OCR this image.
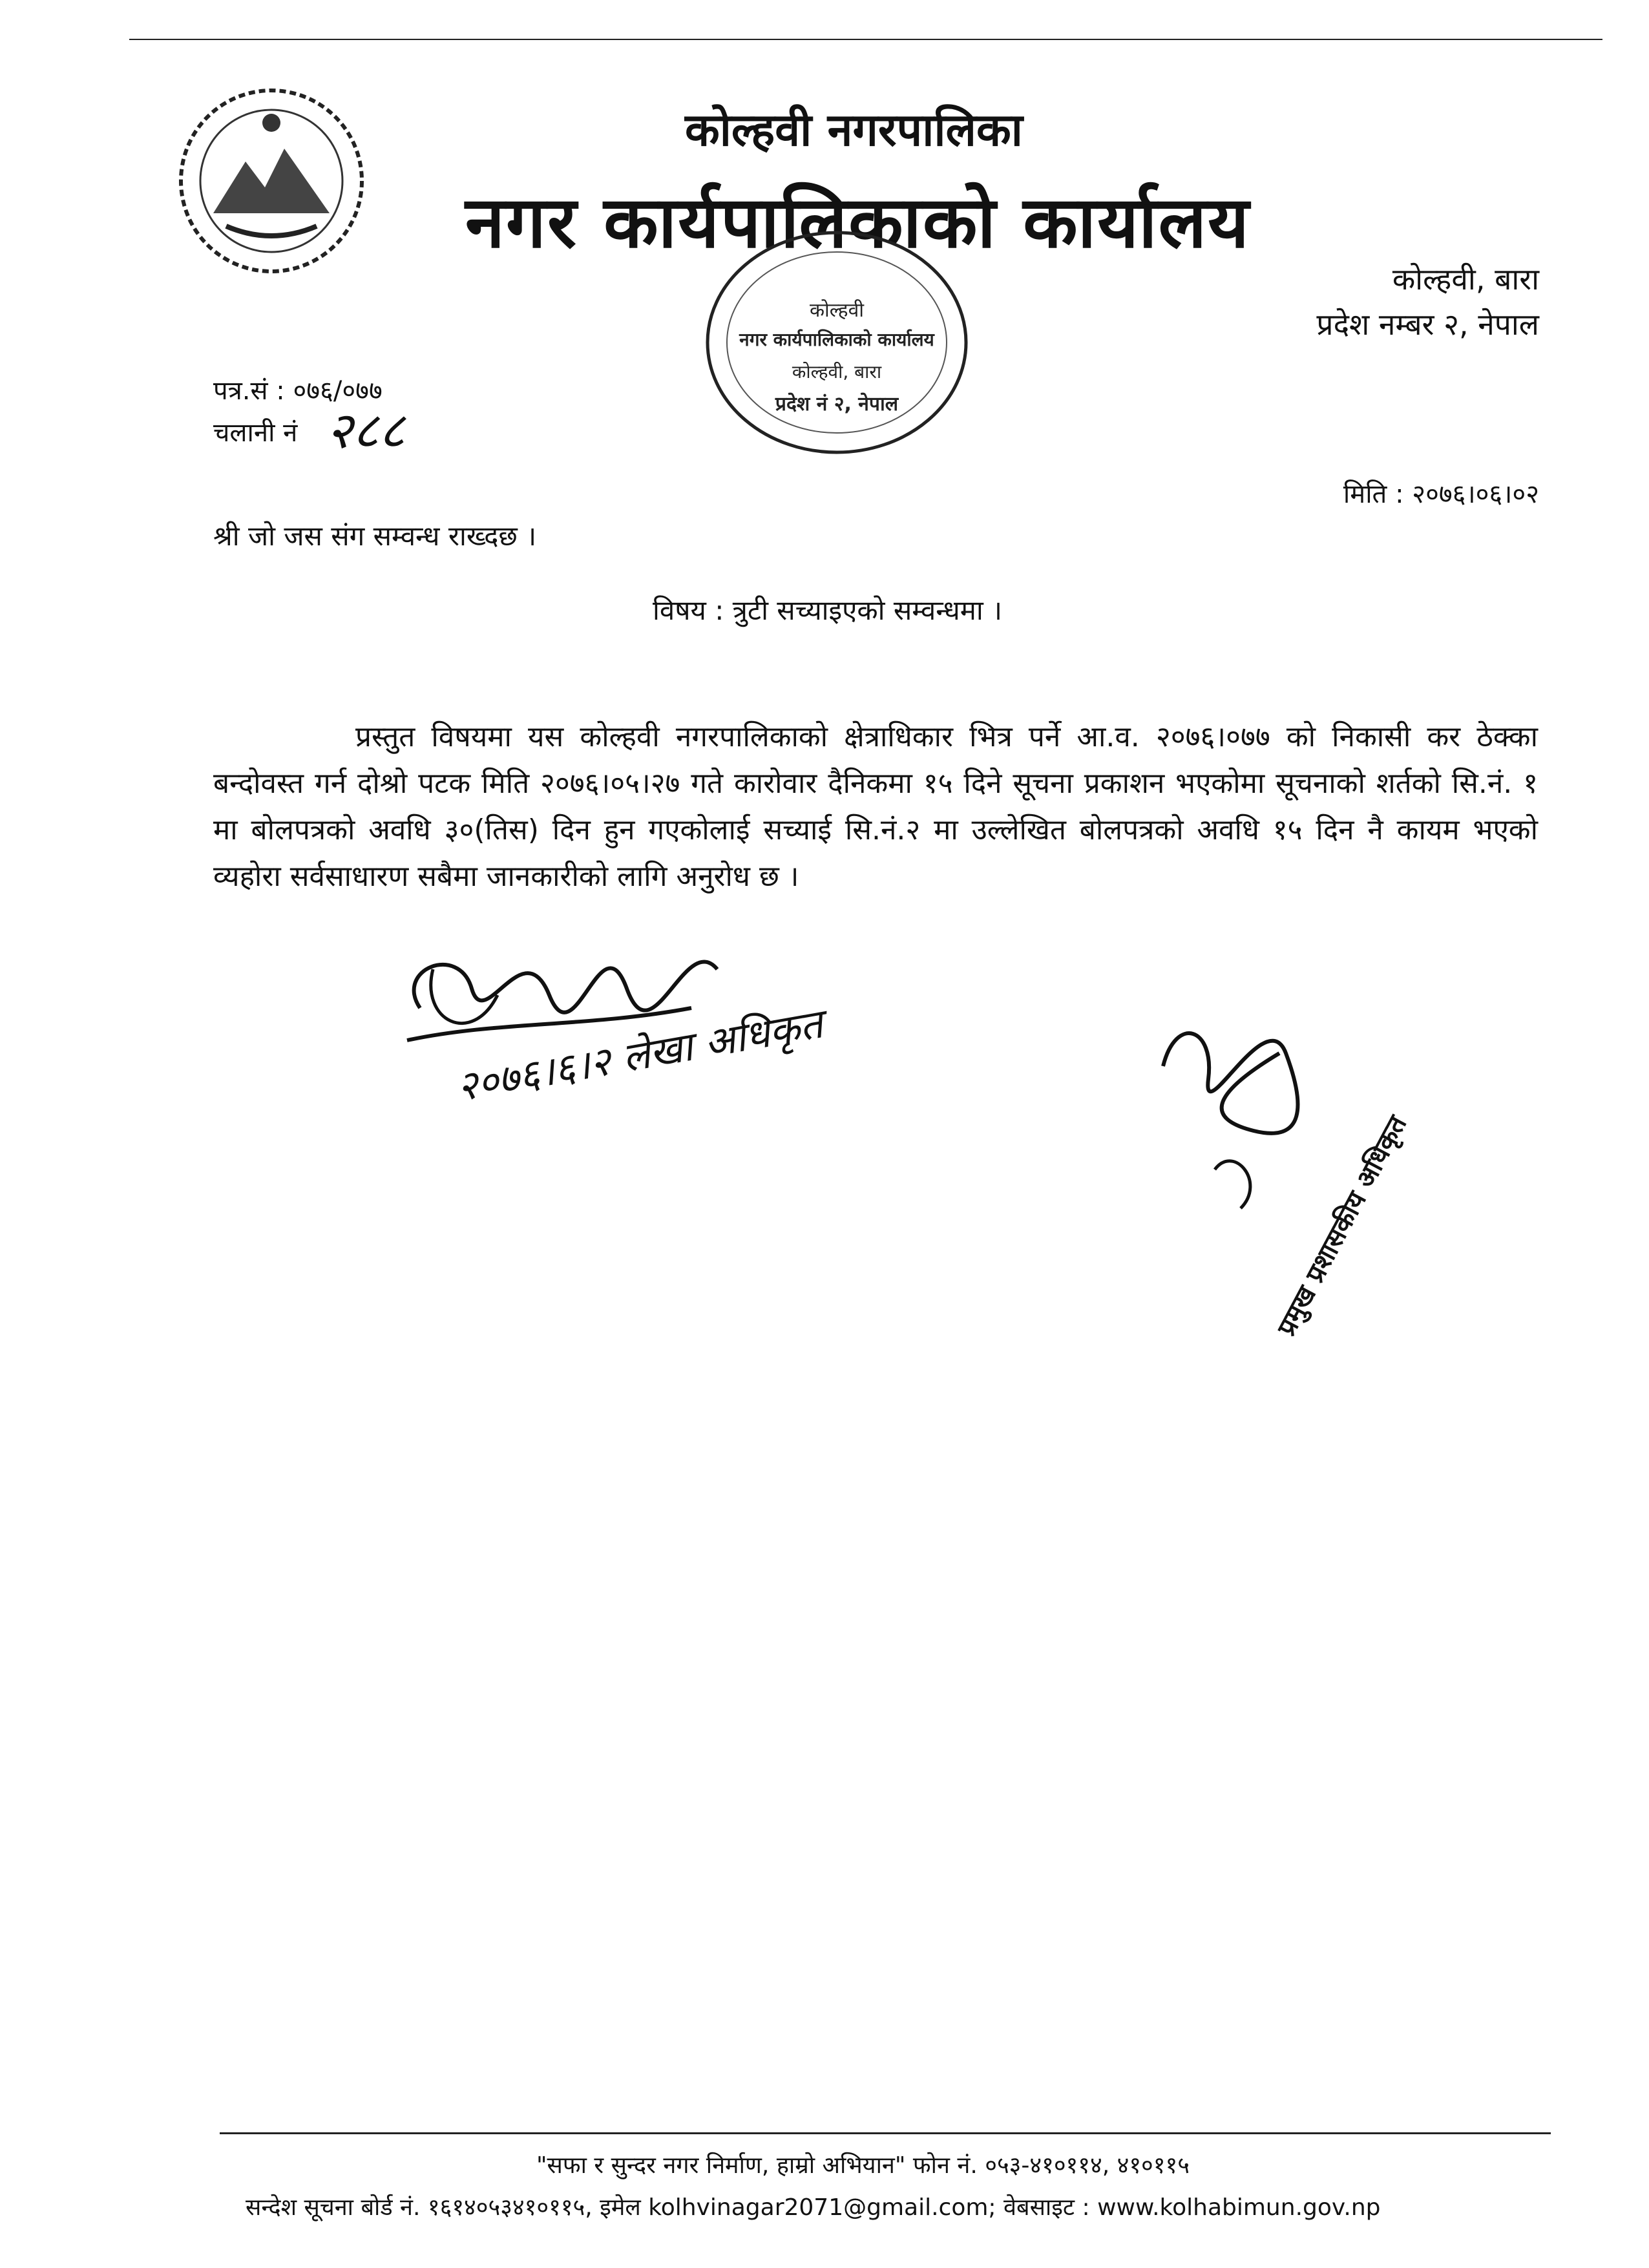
कोल्हवी नगरपालिका
नगर कार्यपालिकाको कार्यालय
कोल्हवी, बारा
प्रदेश नम्बर २, नेपाल
कोल्हवी
नगर कार्यपालिकाको कार्यालय
कोल्हवी, बारा
प्रदेश नं २, नेपाल
पत्र.सं : ०७६/०७७
चलानी नं २८८
मिति : २०७६।०६।०२
श्री जो जस संग सम्वन्ध राख्दछ ।
विषय : त्रुटी सच्याइएको सम्वन्धमा ।
प्रस्तुत विषयमा यस कोल्हवी नगरपालिकाको क्षेत्राधिकार भित्र पर्ने आ.व. २०७६।०७७ को निकासी कर ठेक्का बन्दोवस्त गर्न दोश्रो पटक मिति २०७६।०५।२७ गते कारोवार दैनिकमा १५ दिने सूचना प्रकाशन भएकोमा सूचनाको शर्तको सि.नं. १ मा बोलपत्रको अवधि ३०(तिस) दिन हुन गएकोलाई सच्याई सि.नं.२ मा उल्लेखित बोलपत्रको अवधि १५ दिन नै कायम भएको व्यहोरा सर्वसाधारण सबैमा जानकारीको लागि अनुरोध छ ।
२०७६।६।२ लेखा अधिकृत
प्रमुख प्रशासकीय अधिकृत
"सफा र सुन्दर नगर निर्माण, हाम्रो अभियान" फोन नं. ०५३-४१०११४, ४१०११५
सन्देश सूचना बोर्ड नं. १६१४०५३४१०११५, इमेल kolhvinagar2071@gmail.com; वेबसाइट : www.kolhabimun.gov.np
